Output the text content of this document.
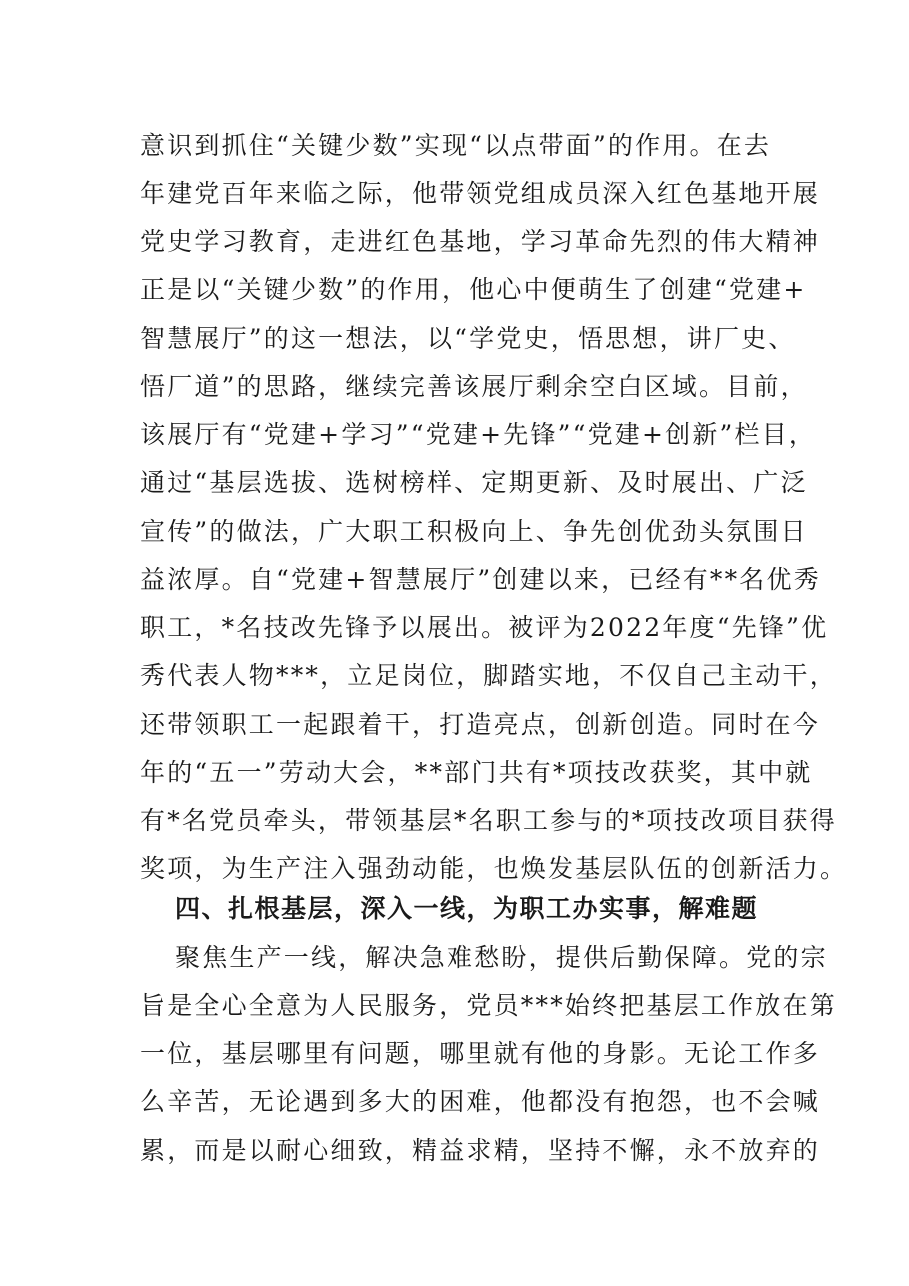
意识到抓住“关键少数”实现“以点带面”的作用。在去
年建党百年来临之际，他带领党组成员深入红色基地开展
党史学习教育，走进红色基地，学习革命先烈的伟大精神
正是以“关键少数”的作用，他心中便萌生了创建“党建+
智慧展厅”的这一想法，以“学党史，悟思想，讲厂史、
悟厂道”的思路，继续完善该展厅剩余空白区域。目前，
该展厅有“党建+学习”“党建+先锋”“党建+创新”栏目，
通过“基层选拔、选树榜样、定期更新、及时展出、广泛
宣传”的做法，广大职工积极向上、争先创优劲头氛围日
益浓厚。自“党建+智慧展厅”创建以来，已经有**名优秀
职工，*名技改先锋予以展出。被评为2022年度“先锋”优
秀代表人物***，立足岗位，脚踏实地，不仅自己主动干，
还带领职工一起跟着干，打造亮点，创新创造。同时在今
年的“五一”劳动大会，**部门共有*项技改获奖，其中就
有*名党员牵头，带领基层*名职工参与的*项技改项目获得
奖项，为生产注入强劲动能，也焕发基层队伍的创新活力。
四、扎根基层，深入一线，为职工办实事，解难题
聚焦生产一线，解决急难愁盼，提供后勤保障。党的宗
旨是全心全意为人民服务，党员***始终把基层工作放在第
一位，基层哪里有问题，哪里就有他的身影。无论工作多
么辛苦，无论遇到多大的困难，他都没有抱怨，也不会喊
累，而是以耐心细致，精益求精，坚持不懈，永不放弃的
